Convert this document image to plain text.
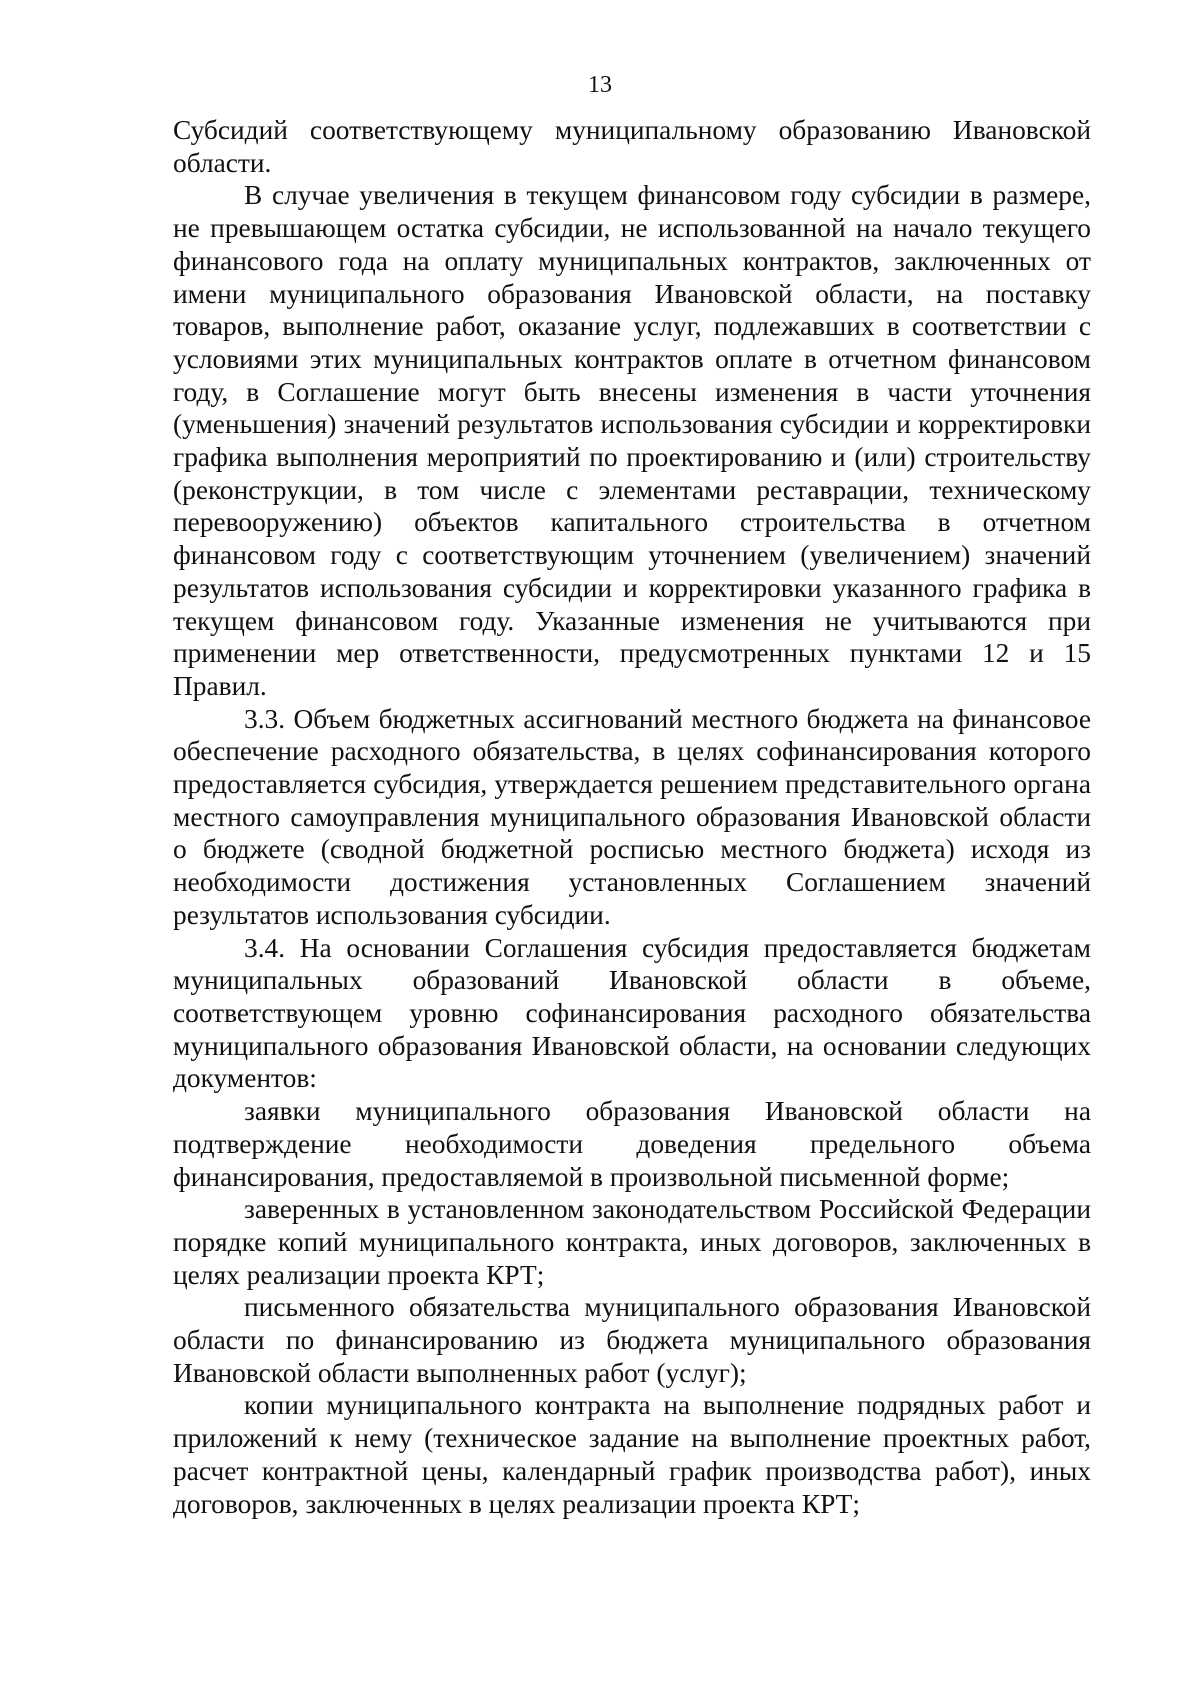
13

Субсидий соответствующему муниципальному образованию Ивановской области.

В случае увеличения в текущем финансовом году субсидии в размере, не превышающем остатка субсидии, не использованной на начало текущего финансового года на оплату муниципальных контрактов, заключенных от имени муниципального образования Ивановской области, на поставку товаров, выполнение работ, оказание услуг, подлежавших в соответствии с условиями этих муниципальных контрактов оплате в отчетном финансовом году, в Соглашение могут быть внесены изменения в части уточнения (уменьшения) значений результатов использования субсидии и корректировки графика выполнения мероприятий по проектированию и (или) строительству (реконструкции, в том числе с элементами реставрации, техническому перевооружению) объектов капитального строительства в отчетном финансовом году с соответствующим уточнением (увеличением) значений результатов использования субсидии и корректировки указанного графика в текущем финансовом году. Указанные изменения не учитываются при применении мер ответственности, предусмотренных пунктами 12 и 15 Правил.

3.3. Объем бюджетных ассигнований местного бюджета на финансовое обеспечение расходного обязательства, в целях софинансирования которого предоставляется субсидия, утверждается решением представительного органа местного самоуправления муниципального образования Ивановской области о бюджете (сводной бюджетной росписью местного бюджета) исходя из необходимости достижения установленных Соглашением значений результатов использования субсидии.

3.4. На основании Соглашения субсидия предоставляется бюджетам муниципальных образований Ивановской области в объеме, соответствующем уровню софинансирования расходного обязательства муниципального образования Ивановской области, на основании следующих документов:

заявки муниципального образования Ивановской области на подтверждение необходимости доведения предельного объема финансирования, предоставляемой в произвольной письменной форме;

заверенных в установленном законодательством Российской Федерации порядке копий муниципального контракта, иных договоров, заключенных в целях реализации проекта КРТ;

письменного обязательства муниципального образования Ивановской области по финансированию из бюджета муниципального образования Ивановской области выполненных работ (услуг);

копии муниципального контракта на выполнение подрядных работ и приложений к нему (техническое задание на выполнение проектных работ, расчет контрактной цены, календарный график производства работ), иных договоров, заключенных в целях реализации проекта КРТ;
